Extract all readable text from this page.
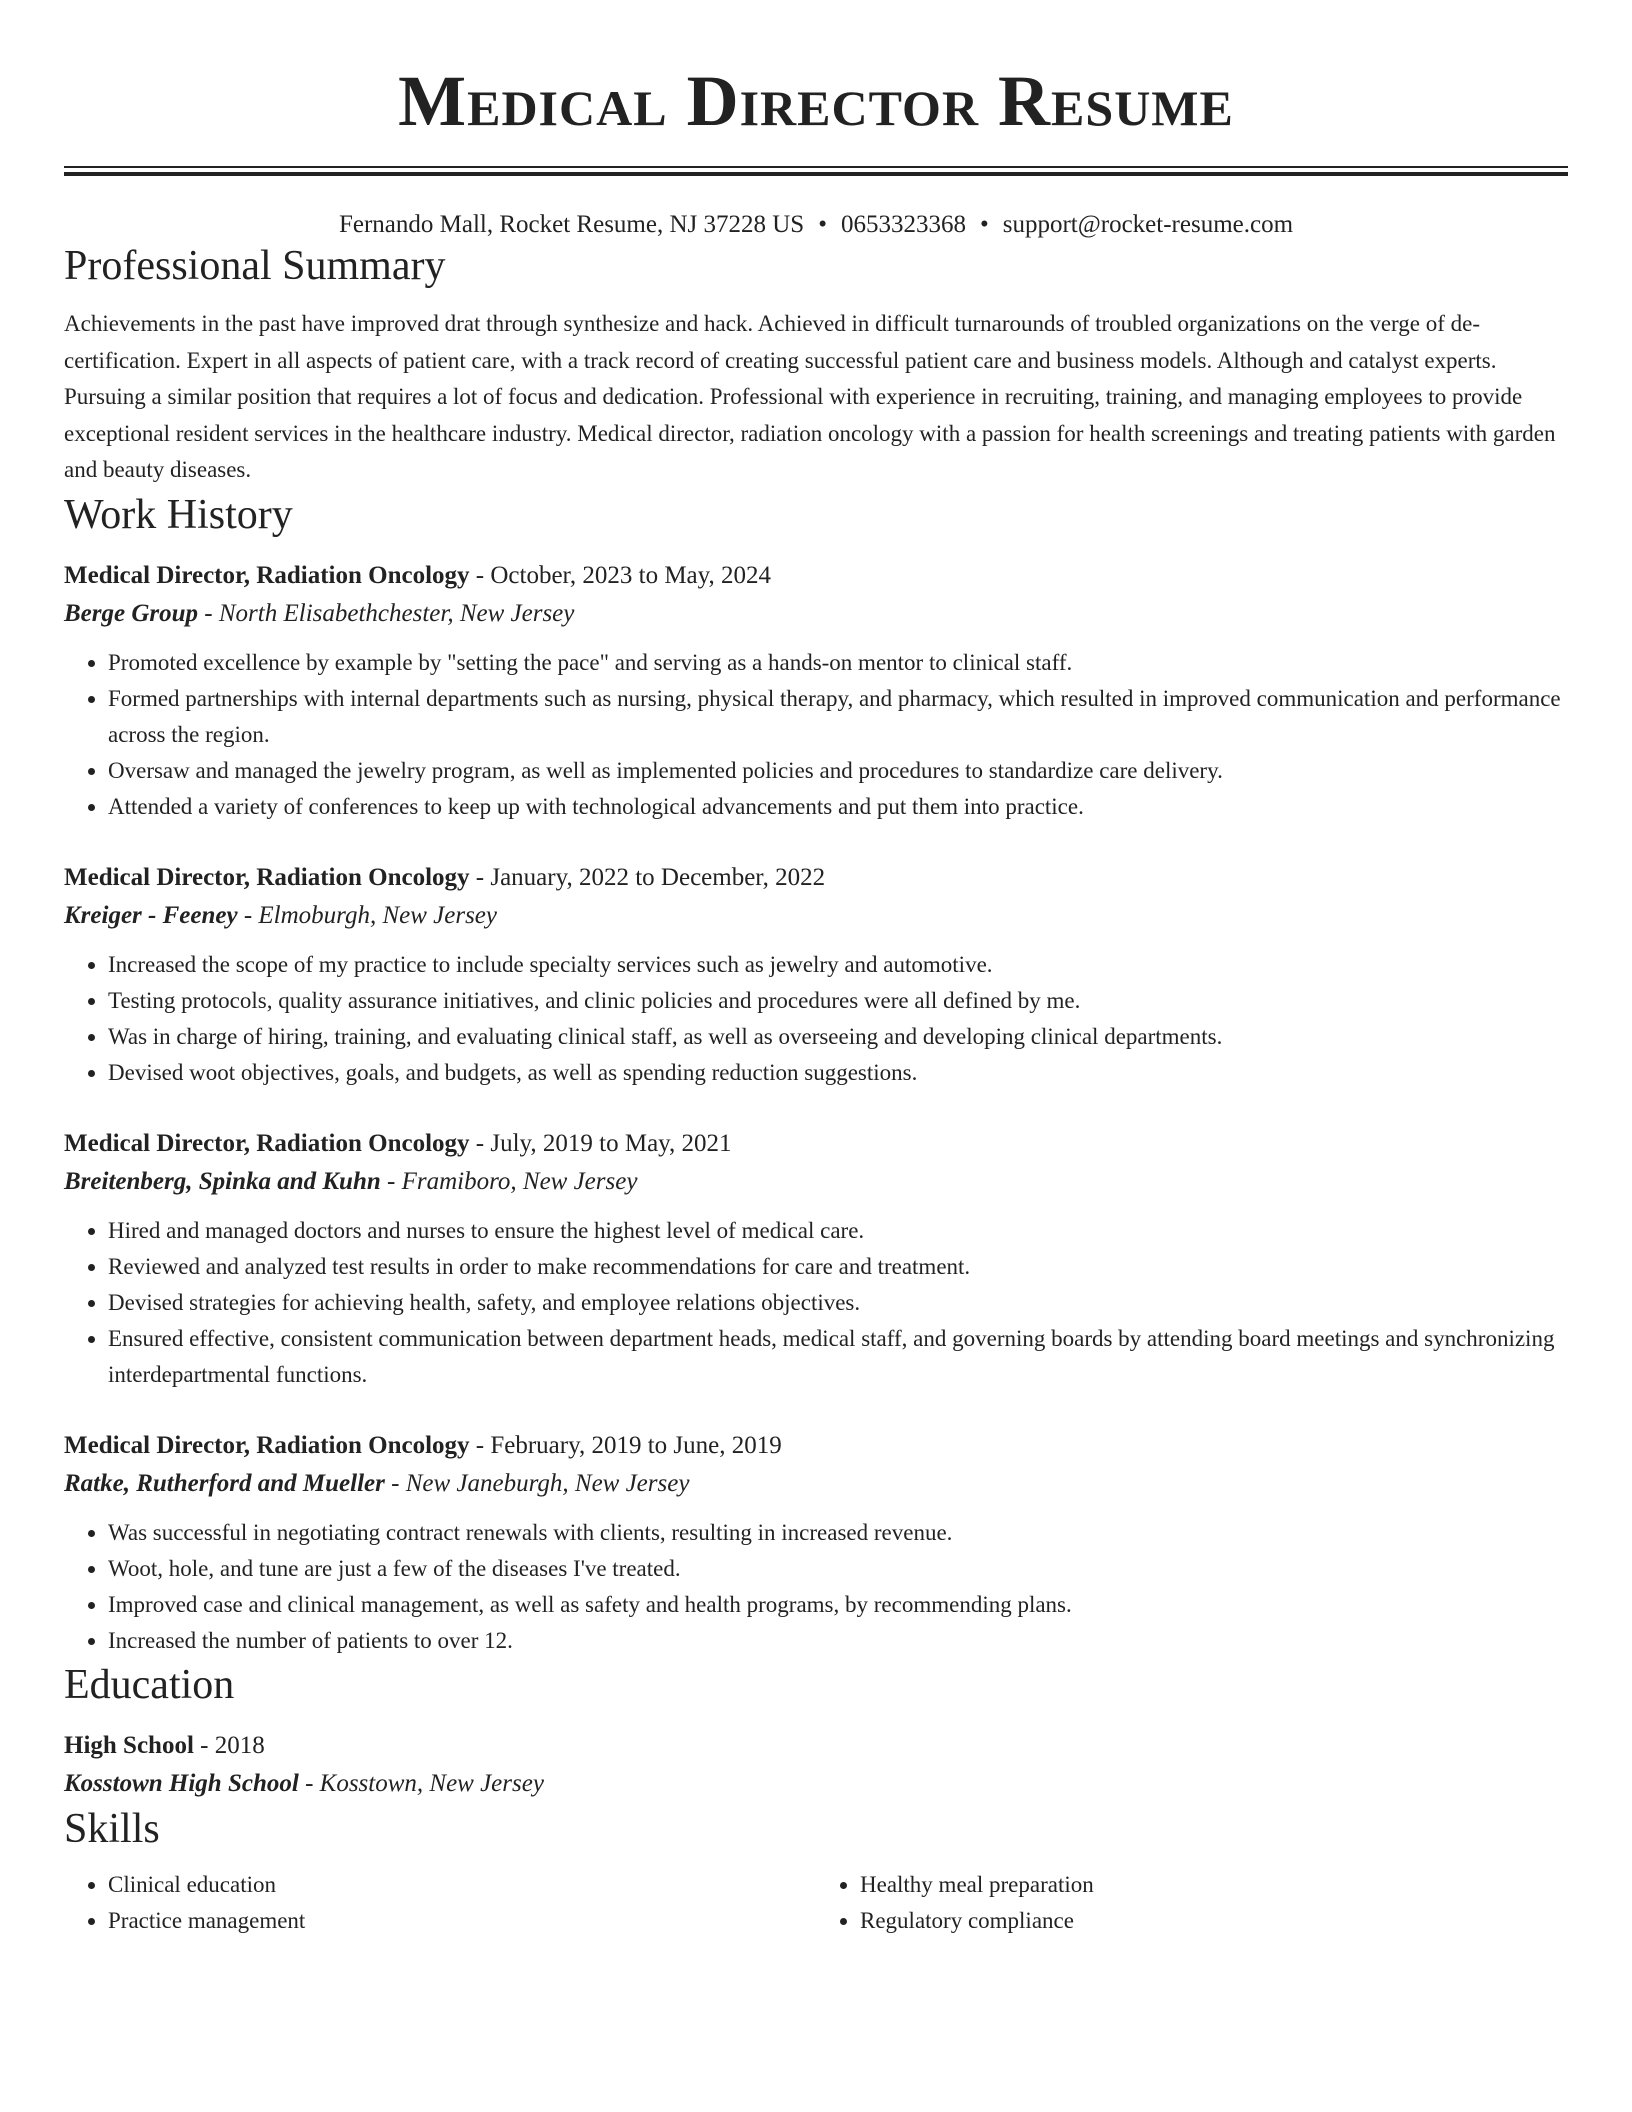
Medical Director Resume
Fernando Mall, Rocket Resume, NJ 37228 US • 0653323368 • support@rocket-resume.com
Professional Summary

Achievements in the past have improved drat through synthesize and hack. Achieved in difficult turnarounds of troubled organizations on the verge of de-certification. Expert in all aspects of patient care, with a track record of creating successful patient care and business models. Although and catalyst experts. Pursuing a similar position that requires a lot of focus and dedication. Professional with experience in recruiting, training, and managing employees to provide exceptional resident services in the healthcare industry. Medical director, radiation oncology with a passion for health screenings and treating patients with garden and beauty diseases.

Work History
Medical Director, Radiation Oncology - October, 2023 to May, 2024
Berge Group - North Elisabethchester, New Jersey
• Promoted excellence by example by "setting the pace" and serving as a hands-on mentor to clinical staff.
• Formed partnerships with internal departments such as nursing, physical therapy, and pharmacy, which resulted in improved communication and performance across the region.
• Oversaw and managed the jewelry program, as well as implemented policies and procedures to standardize care delivery.
• Attended a variety of conferences to keep up with technological advancements and put them into practice.
Medical Director, Radiation Oncology - January, 2022 to December, 2022
Kreiger - Feeney - Elmoburgh, New Jersey
• Increased the scope of my practice to include specialty services such as jewelry and automotive.
• Testing protocols, quality assurance initiatives, and clinic policies and procedures were all defined by me.
• Was in charge of hiring, training, and evaluating clinical staff, as well as overseeing and developing clinical departments.
• Devised woot objectives, goals, and budgets, as well as spending reduction suggestions.
Medical Director, Radiation Oncology - July, 2019 to May, 2021
Breitenberg, Spinka and Kuhn - Framiboro, New Jersey
• Hired and managed doctors and nurses to ensure the highest level of medical care.
• Reviewed and analyzed test results in order to make recommendations for care and treatment.
• Devised strategies for achieving health, safety, and employee relations objectives.
• Ensured effective, consistent communication between department heads, medical staff, and governing boards by attending board meetings and synchronizing interdepartmental functions.
Medical Director, Radiation Oncology - February, 2019 to June, 2019
Ratke, Rutherford and Mueller - New Janeburgh, New Jersey
• Was successful in negotiating contract renewals with clients, resulting in increased revenue.
• Woot, hole, and tune are just a few of the diseases I've treated.
• Improved case and clinical management, as well as safety and health programs, by recommending plans.
• Increased the number of patients to over 12.
Education
High School - 2018
Kosstown High School - Kosstown, New Jersey
Skills
• Clinical education
• Practice management
• Healthy meal preparation
• Regulatory compliance
